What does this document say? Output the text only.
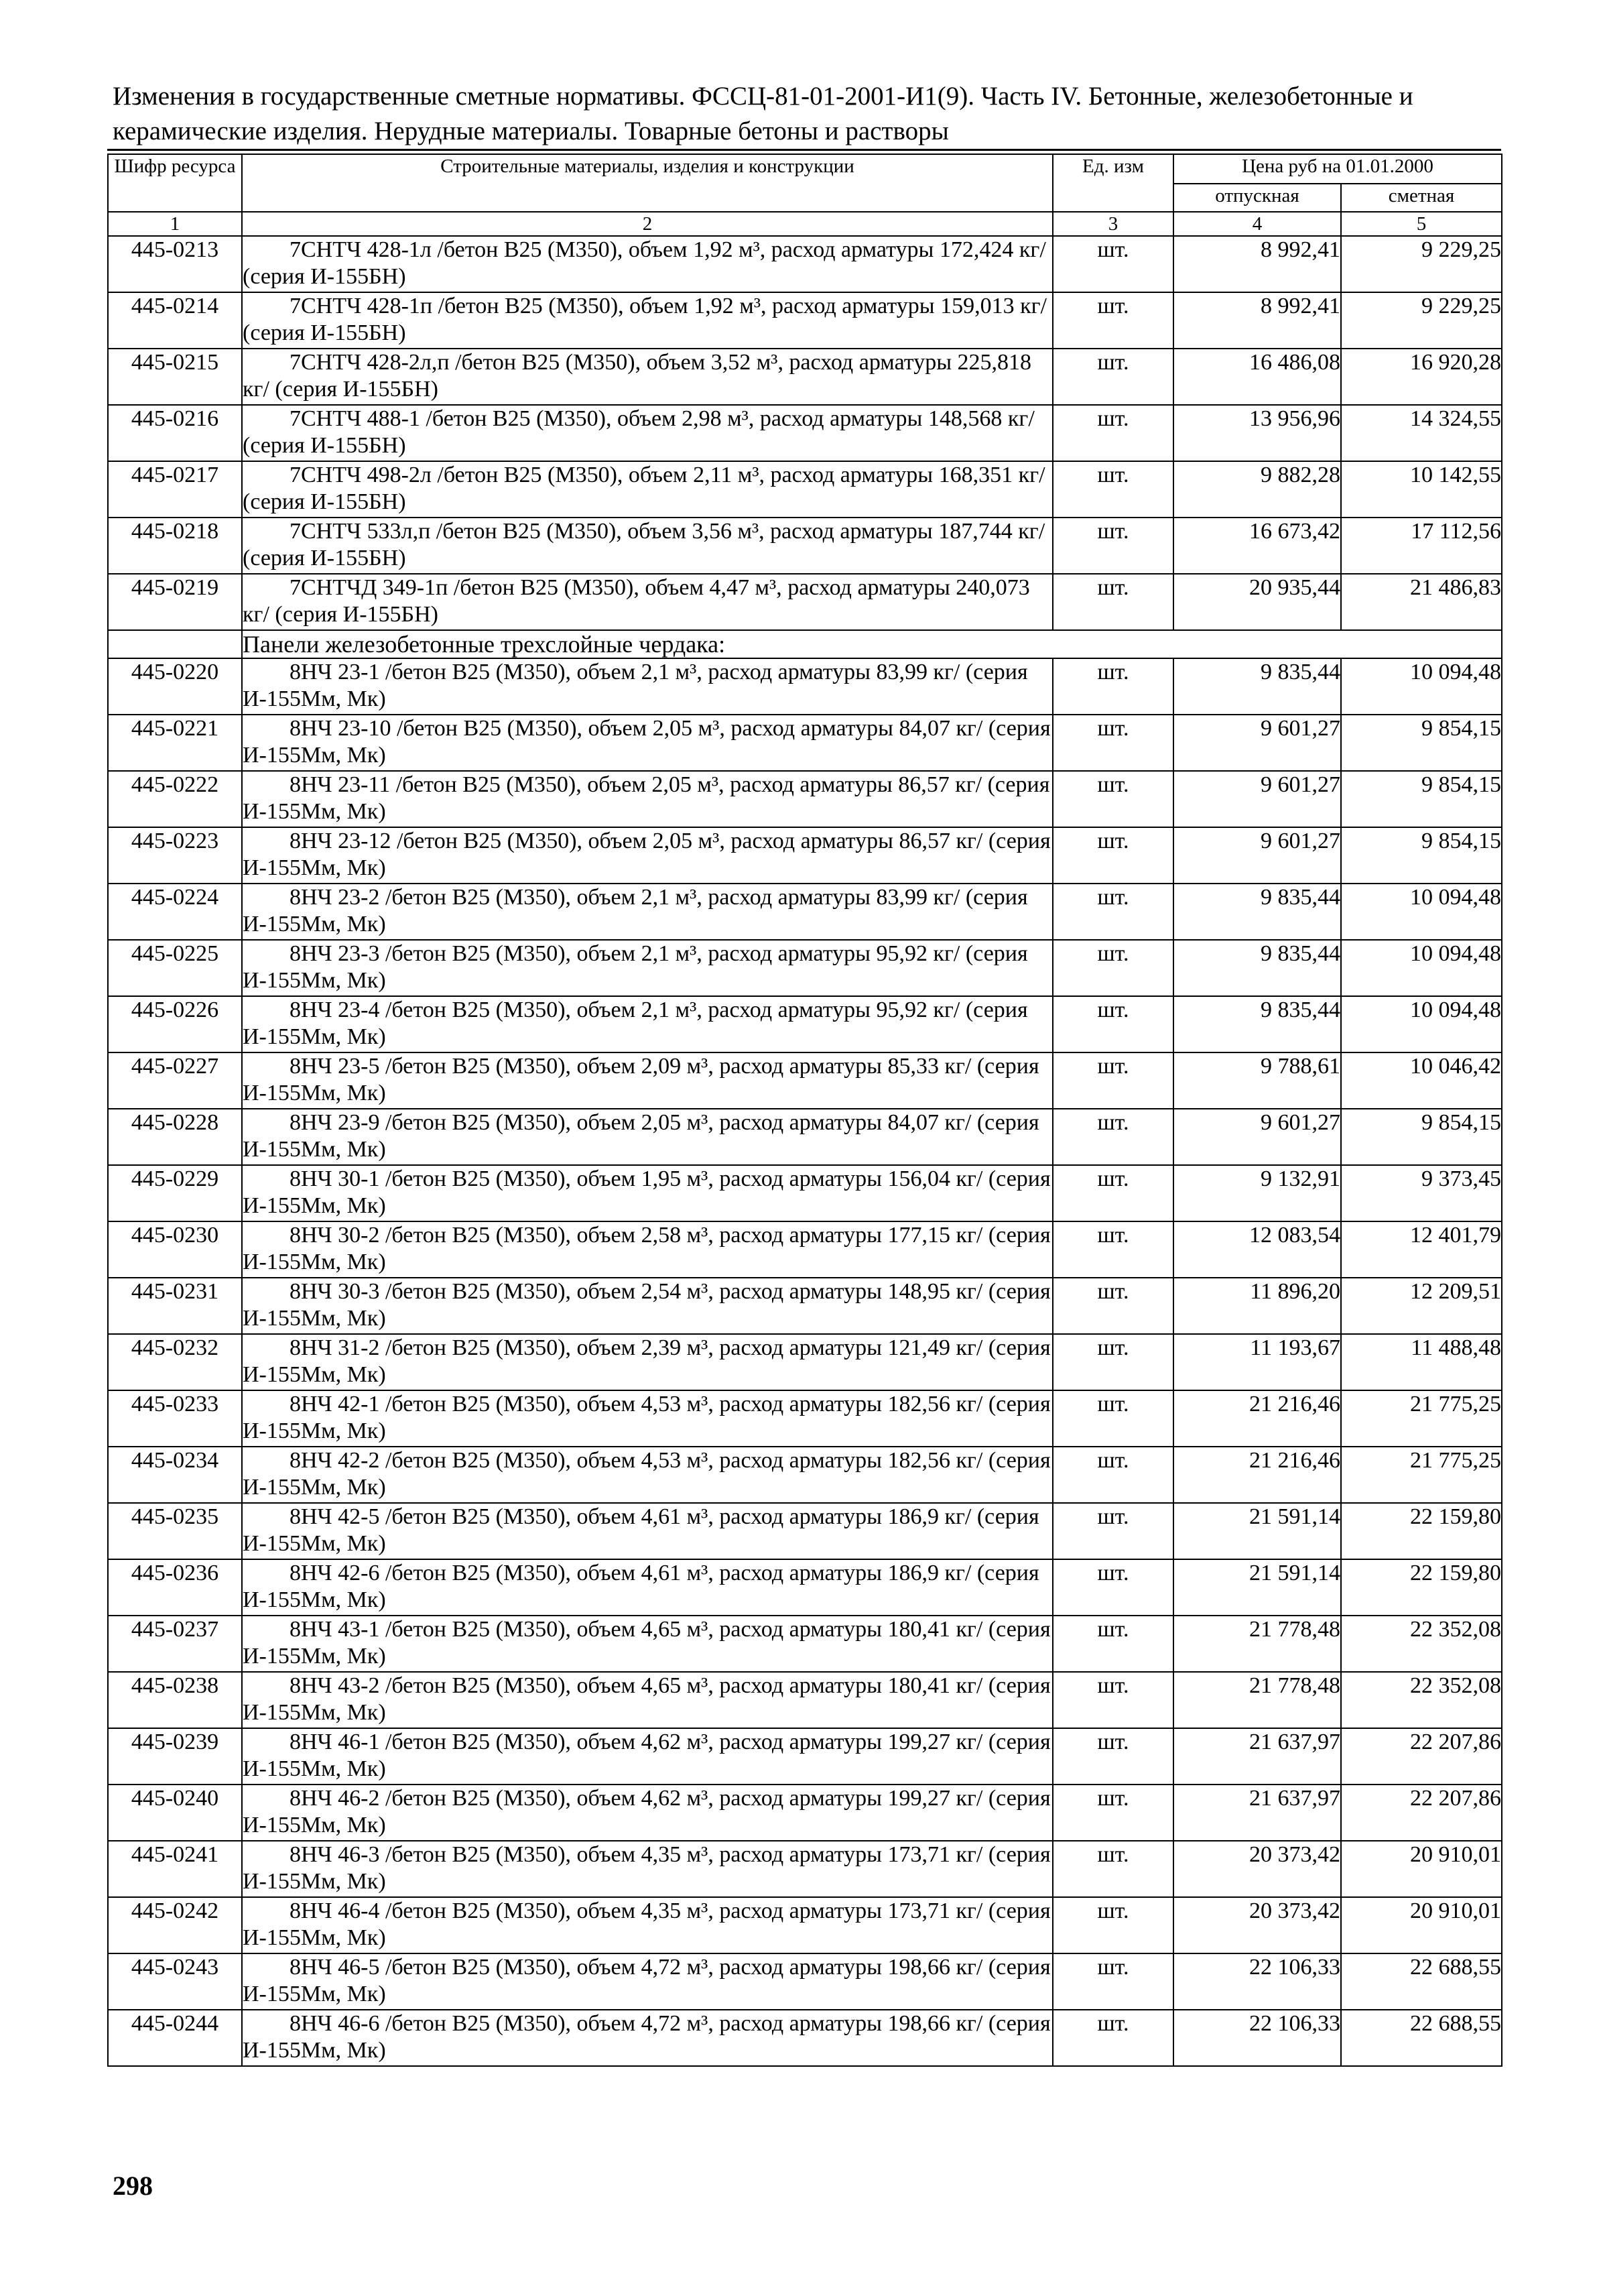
Изменения в государственные сметные нормативы. ФССЦ-81-01-2001-И1(9). Часть IV. Бетонные, железобетонные и керамические изделия. Нерудные материалы. Товарные бетоны и растворы
Шифр ресурса	Строительные материалы, изделия и конструкции	Ед. изм	Цена руб на 01.01.2000	
			отпускная	сметная
1	2	3	4	5
445-0213	7СНТЧ 428-1л /бетон В25 (М350), объем 1,92 м³, расход арматуры 172,424 кг/ (серия И-155БН)	шт.	8 992,41	9 229,25
445-0214	7СНТЧ 428-1п /бетон В25 (М350), объем 1,92 м³, расход арматуры 159,013 кг/ (серия И-155БН)	шт.	8 992,41	9 229,25
445-0215	7СНТЧ 428-2л,п /бетон В25 (М350), объем 3,52 м³, расход арматуры 225,818 кг/ (серия И-155БН)	шт.	16 486,08	16 920,28
445-0216	7СНТЧ 488-1 /бетон В25 (М350), объем 2,98 м³, расход арматуры 148,568 кг/ (серия И-155БН)	шт.	13 956,96	14 324,55
445-0217	7СНТЧ 498-2л /бетон В25 (М350), объем 2,11 м³, расход арматуры 168,351 кг/ (серия И-155БН)	шт.	9 882,28	10 142,55
445-0218	7СНТЧ 533л,п /бетон В25 (М350), объем 3,56 м³, расход арматуры 187,744 кг/ (серия И-155БН)	шт.	16 673,42	17 112,56
445-0219	7СНТЧД 349-1п /бетон В25 (М350), объем 4,47 м³, расход арматуры 240,073 кг/ (серия И-155БН)	шт.	20 935,44	21 486,83
	Панели железобетонные трехслойные чердака:			
445-0220	8НЧ 23-1 /бетон В25 (М350), объем 2,1 м³, расход арматуры 83,99 кг/ (серия И-155Мм, Мк)	шт.	9 835,44	10 094,48
445-0221	8НЧ 23-10 /бетон В25 (М350), объем 2,05 м³, расход арматуры 84,07 кг/ (серия И-155Мм, Мк)	шт.	9 601,27	9 854,15
445-0222	8НЧ 23-11 /бетон В25 (М350), объем 2,05 м³, расход арматуры 86,57 кг/ (серия И-155Мм, Мк)	шт.	9 601,27	9 854,15
445-0223	8НЧ 23-12 /бетон В25 (М350), объем 2,05 м³, расход арматуры 86,57 кг/ (серия И-155Мм, Мк)	шт.	9 601,27	9 854,15
445-0224	8НЧ 23-2 /бетон В25 (М350), объем 2,1 м³, расход арматуры 83,99 кг/ (серия И-155Мм, Мк)	шт.	9 835,44	10 094,48
445-0225	8НЧ 23-3 /бетон В25 (М350), объем 2,1 м³, расход арматуры 95,92 кг/ (серия И-155Мм, Мк)	шт.	9 835,44	10 094,48
445-0226	8НЧ 23-4 /бетон В25 (М350), объем 2,1 м³, расход арматуры 95,92 кг/ (серия И-155Мм, Мк)	шт.	9 835,44	10 094,48
445-0227	8НЧ 23-5 /бетон В25 (М350), объем 2,09 м³, расход арматуры 85,33 кг/ (серия И-155Мм, Мк)	шт.	9 788,61	10 046,42
445-0228	8НЧ 23-9 /бетон В25 (М350), объем 2,05 м³, расход арматуры 84,07 кг/ (серия И-155Мм, Мк)	шт.	9 601,27	9 854,15
445-0229	8НЧ 30-1 /бетон В25 (М350), объем 1,95 м³, расход арматуры 156,04 кг/ (серия И-155Мм, Мк)	шт.	9 132,91	9 373,45
445-0230	8НЧ 30-2 /бетон В25 (М350), объем 2,58 м³, расход арматуры 177,15 кг/ (серия И-155Мм, Мк)	шт.	12 083,54	12 401,79
445-0231	8НЧ 30-3 /бетон В25 (М350), объем 2,54 м³, расход арматуры 148,95 кг/ (серия И-155Мм, Мк)	шт.	11 896,20	12 209,51
445-0232	8НЧ 31-2 /бетон В25 (М350), объем 2,39 м³, расход арматуры 121,49 кг/ (серия И-155Мм, Мк)	шт.	11 193,67	11 488,48
445-0233	8НЧ 42-1 /бетон В25 (М350), объем 4,53 м³, расход арматуры 182,56 кг/ (серия И-155Мм, Мк)	шт.	21 216,46	21 775,25
445-0234	8НЧ 42-2 /бетон В25 (М350), объем 4,53 м³, расход арматуры 182,56 кг/ (серия И-155Мм, Мк)	шт.	21 216,46	21 775,25
445-0235	8НЧ 42-5 /бетон В25 (М350), объем 4,61 м³, расход арматуры 186,9 кг/ (серия И-155Мм, Мк)	шт.	21 591,14	22 159,80
445-0236	8НЧ 42-6 /бетон В25 (М350), объем 4,61 м³, расход арматуры 186,9 кг/ (серия И-155Мм, Мк)	шт.	21 591,14	22 159,80
445-0237	8НЧ 43-1 /бетон В25 (М350), объем 4,65 м³, расход арматуры 180,41 кг/ (серия И-155Мм, Мк)	шт.	21 778,48	22 352,08
445-0238	8НЧ 43-2 /бетон В25 (М350), объем 4,65 м³, расход арматуры 180,41 кг/ (серия И-155Мм, Мк)	шт.	21 778,48	22 352,08
445-0239	8НЧ 46-1 /бетон В25 (М350), объем 4,62 м³, расход арматуры 199,27 кг/ (серия И-155Мм, Мк)	шт.	21 637,97	22 207,86
445-0240	8НЧ 46-2 /бетон В25 (М350), объем 4,62 м³, расход арматуры 199,27 кг/ (серия И-155Мм, Мк)	шт.	21 637,97	22 207,86
445-0241	8НЧ 46-3 /бетон В25 (М350), объем 4,35 м³, расход арматуры 173,71 кг/ (серия И-155Мм, Мк)	шт.	20 373,42	20 910,01
445-0242	8НЧ 46-4 /бетон В25 (М350), объем 4,35 м³, расход арматуры 173,71 кг/ (серия И-155Мм, Мк)	шт.	20 373,42	20 910,01
445-0243	8НЧ 46-5 /бетон В25 (М350), объем 4,72 м³, расход арматуры 198,66 кг/ (серия И-155Мм, Мк)	шт.	22 106,33	22 688,55
445-0244	8НЧ 46-6 /бетон В25 (М350), объем 4,72 м³, расход арматуры 198,66 кг/ (серия И-155Мм, Мк)	шт.	22 106,33	22 688,55
298
